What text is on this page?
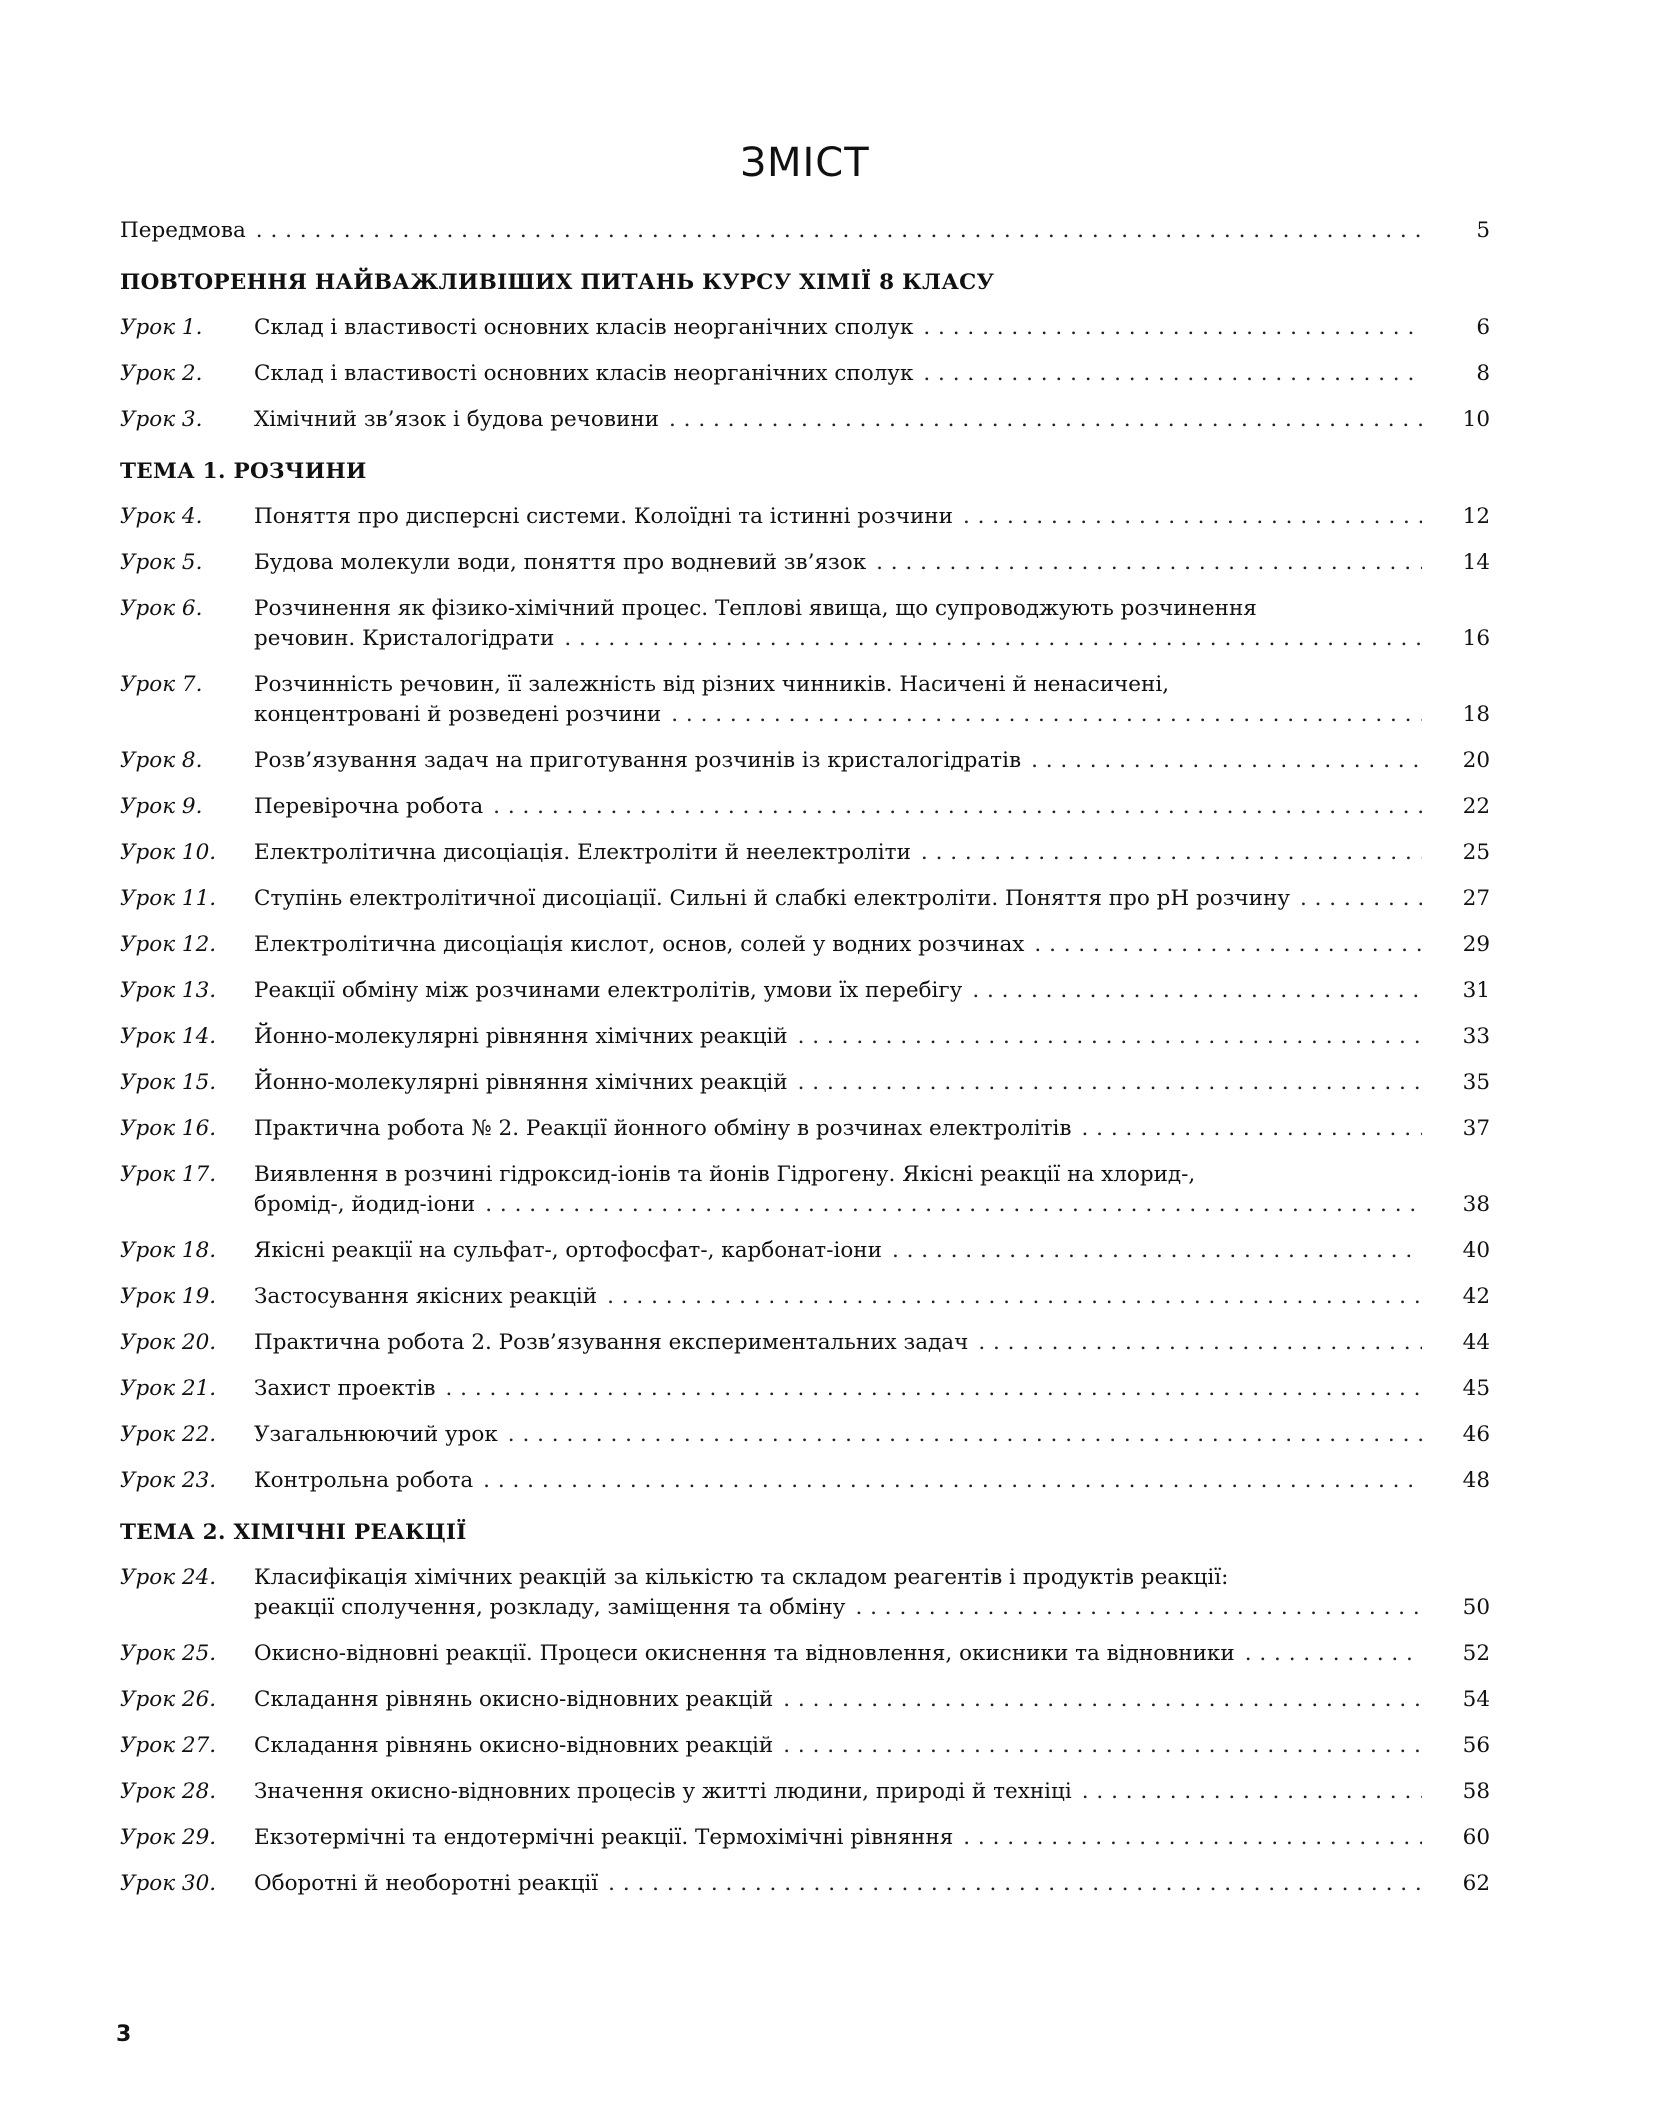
ЗМІСТ
Передмова . . .	5
ПОВТОРЕННЯ НАЙВАЖЛИВІШИХ ПИТАНЬ КУРСУ ХІМІЇ 8 КЛАСУ
Урок 1.	Склад і властивості основних класів неорганічних сполук . . .	6
Урок 2.	Склад і властивості основних класів неорганічних сполук . . .	8
Урок 3.	Хімічний зв’язок і будова речовини . . .	10
ТЕМА 1. РОЗЧИНИ
Урок 4.	Поняття про дисперсні системи. Колоїдні та істинні розчини . . .	12
Урок 5.	Будова молекули води, поняття про водневий зв’язок . . .	14
Урок 6.	Розчинення як фізико-хімічний процес. Теплові явища, що супроводжують розчинення
речовин. Кристалогідрати . . .	16
Урок 7.	Розчинність речовин, її залежність від різних чинників. Насичені й ненасичені,
концентровані й розведені розчини . . .	18
Урок 8.	Розв’язування задач на приготування розчинів із кристалогідратів . . .	20
Урок 9.	Перевірочна робота . . .	22
Урок 10.	Електролітична дисоціація. Електроліти й неелектроліти . . .	25
Урок 11.	Ступінь електролітичної дисоціації. Сильні й слабкі електроліти. Поняття про pH розчину . . .	27
Урок 12.	Електролітична дисоціація кислот, основ, солей у водних розчинах . . .	29
Урок 13.	Реакції обміну між розчинами електролітів, умови їх перебігу . . .	31
Урок 14.	Йонно-молекулярні рівняння хімічних реакцій . . .	33
Урок 15.	Йонно-молекулярні рівняння хімічних реакцій . . .	35
Урок 16.	Практична робота № 2. Реакції йонного обміну в розчинах електролітів . . .	37
Урок 17.	Виявлення в розчині гідроксид-іонів та йонів Гідрогену. Якісні реакції на хлорид-,
бромід-, йодид-іони . . .	38
Урок 18.	Якісні реакції на сульфат-, ортофосфат-, карбонат-іони . . .	40
Урок 19.	Застосування якісних реакцій . . .	42
Урок 20.	Практична робота 2. Розв’язування експериментальних задач . . .	44
Урок 21.	Захист проектів . . .	45
Урок 22.	Узагальнюючий урок . . .	46
Урок 23.	Контрольна робота . . .	48
ТЕМА 2. ХІМІЧНІ РЕАКЦІЇ
Урок 24.	Класифікація хімічних реакцій за кількістю та складом реагентів і продуктів реакції:
реакції сполучення, розкладу, заміщення та обміну . . .	50
Урок 25.	Окисно-відновні реакції. Процеси окиснення та відновлення, окисники та відновники . . .	52
Урок 26.	Складання рівнянь окисно-відновних реакцій . . .	54
Урок 27.	Складання рівнянь окисно-відновних реакцій . . .	56
Урок 28.	Значення окисно-відновних процесів у житті людини, природі й техніці . . .	58
Урок 29.	Екзотермічні та ендотермічні реакції. Термохімічні рівняння . . .	60
Урок 30.	Оборотні й необоротні реакції . . .	62
3
